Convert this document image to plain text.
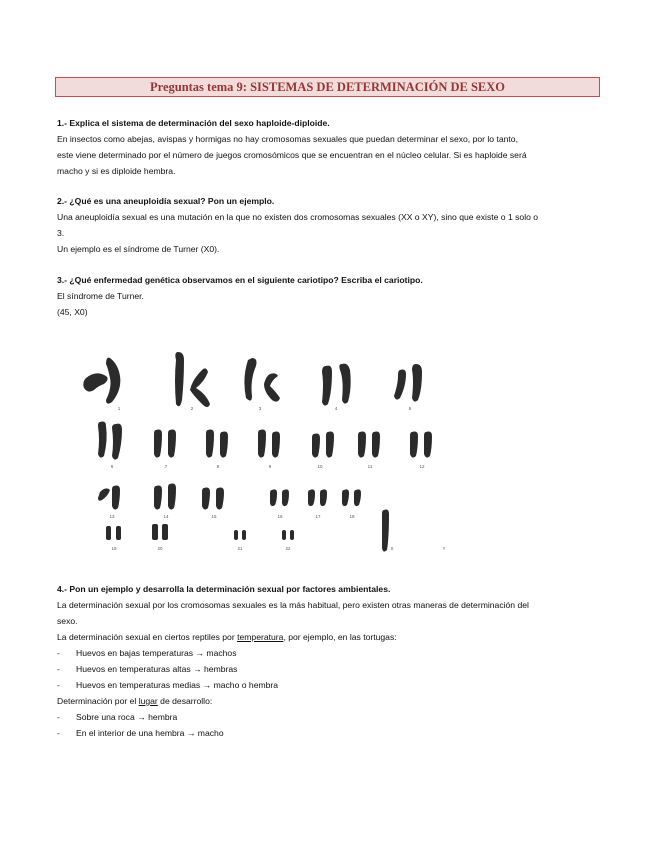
Preguntas tema 9: SISTEMAS DE DETERMINACIÓN DE SEXO
1.- Explica el sistema de determinación del sexo haploide-diploide.
En insectos como abejas, avispas y hormigas no hay cromosomas sexuales que puedan determinar el sexo, por lo tanto,
este viene determinado por el número de juegos cromosómicos que se encuentran en el núcleo celular. Si es haploide será
macho y si es diploide hembra.
2.- ¿Qué es una aneuploidía sexual? Pon un ejemplo.
Una aneuploidía sexual es una mutación en la que no existen dos cromosomas sexuales (XX o XY), sino que existe o 1 solo o
3.
Un ejemplo es el síndrome de Turner (X0).
3.- ¿Qué enfermedad genética observamos en el siguiente cariotipo? Escriba el cariotipo.
El síndrome de Turner.
(45, X0)
1	2	3	4	5
6	7	8	9	10	11	12
13	14	15	16	17	18
19	20	21	22	X	Y
4.- Pon un ejemplo y desarrolla la determinación sexual por factores ambientales.
La determinación sexual por los cromosomas sexuales es la más habitual, pero existen otras maneras de determinación del
sexo.
La determinación sexual en ciertos reptiles por temperatura, por ejemplo, en las tortugas:
-	Huevos en bajas temperaturas → machos
-	Huevos en temperaturas altas → hembras
-	Huevos en temperaturas medias → macho o hembra
Determinación por el lugar de desarrollo:
-	Sobre una roca → hembra
-	En el interior de una hembra → macho
